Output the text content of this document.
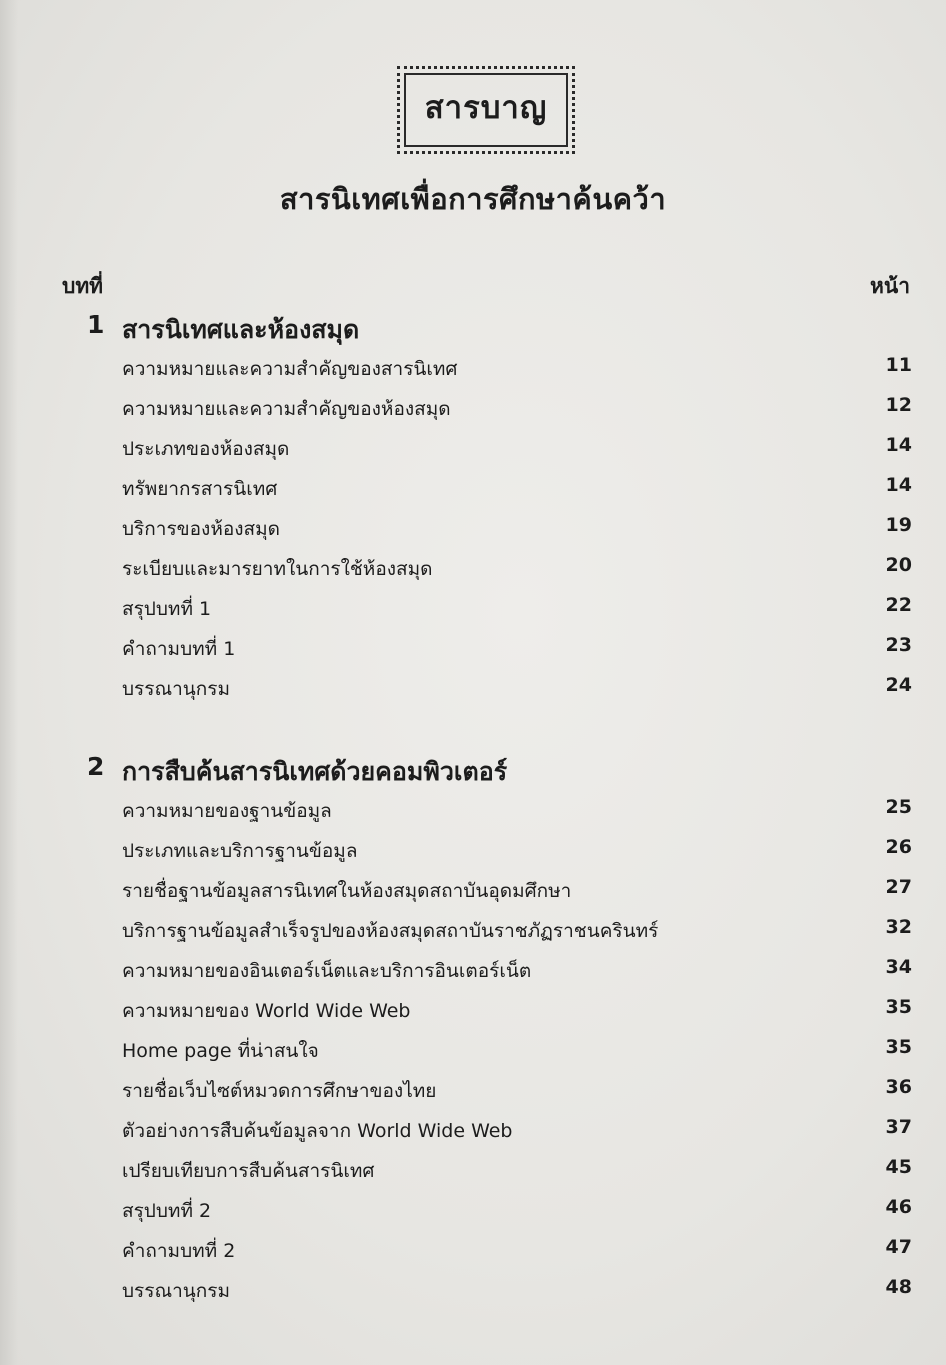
สารบาญ
สารนิเทศเพื่อการศึกษาค้นคว้า
บทที่	หน้า
1 สารนิเทศและห้องสมุด
ความหมายและความสำคัญของสารนิเทศ	11
ความหมายและความสำคัญของห้องสมุด	12
ประเภทของห้องสมุด	14
ทรัพยากรสารนิเทศ	14
บริการของห้องสมุด	19
ระเบียบและมารยาทในการใช้ห้องสมุด	20
สรุปบทที่ 1	22
คำถามบทที่ 1	23
บรรณานุกรม	24
2 การสืบค้นสารนิเทศด้วยคอมพิวเตอร์
ความหมายของฐานข้อมูล	25
ประเภทและบริการฐานข้อมูล	26
รายชื่อฐานข้อมูลสารนิเทศในห้องสมุดสถาบันอุดมศึกษา	27
บริการฐานข้อมูลสำเร็จรูปของห้องสมุดสถาบันราชภัฏราชนครินทร์	32
ความหมายของอินเตอร์เน็ตและบริการอินเตอร์เน็ต	34
ความหมายของ World Wide Web	35
Home page ที่น่าสนใจ	35
รายชื่อเว็บไซต์หมวดการศึกษาของไทย	36
ตัวอย่างการสืบค้นข้อมูลจาก World Wide Web	37
เปรียบเทียบการสืบค้นสารนิเทศ	45
สรุปบทที่ 2	46
คำถามบทที่ 2	47
บรรณานุกรม	48
